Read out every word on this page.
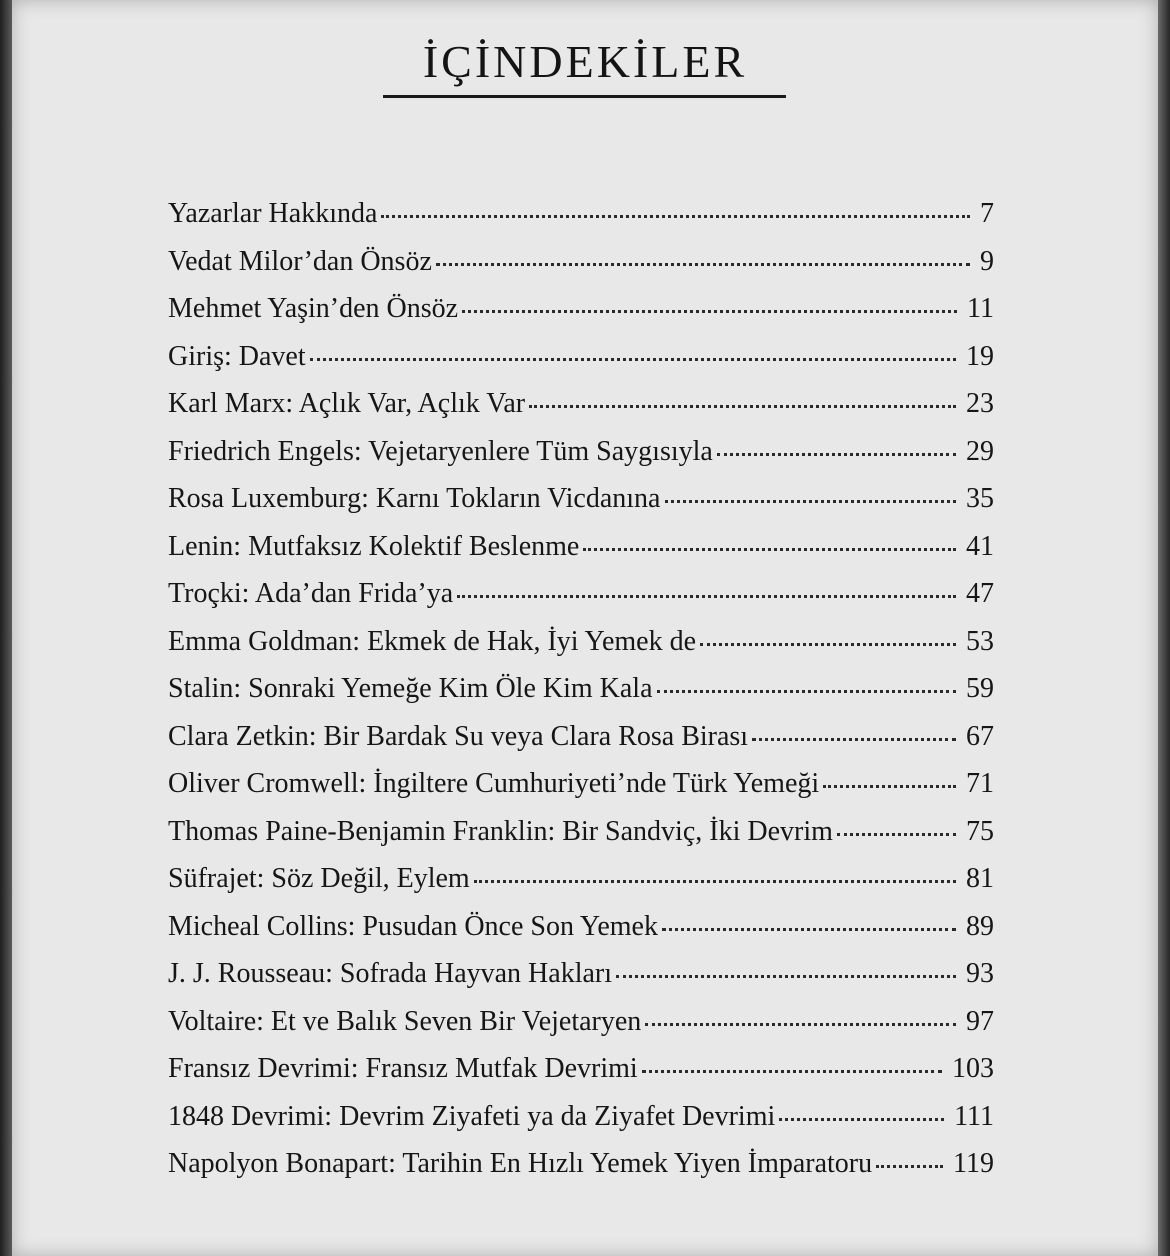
İÇİNDEKİLER
Yazarlar Hakkında	7
Vedat Milor’dan Önsöz	9
Mehmet Yaşin’den Önsöz	11
Giriş: Davet	19
Karl Marx: Açlık Var, Açlık Var	23
Friedrich Engels: Vejetaryenlere Tüm Saygısıyla	29
Rosa Luxemburg: Karnı Tokların Vicdanına	35
Lenin: Mutfaksız Kolektif Beslenme	41
Troçki: Ada’dan Frida’ya	47
Emma Goldman: Ekmek de Hak, İyi Yemek de	53
Stalin: Sonraki Yemeğe Kim Öle Kim Kala	59
Clara Zetkin: Bir Bardak Su veya Clara Rosa Birası	67
Oliver Cromwell: İngiltere Cumhuriyeti’nde Türk Yemeği	71
Thomas Paine-Benjamin Franklin: Bir Sandviç, İki Devrim	75
Süfrajet: Söz Değil, Eylem	81
Micheal Collins: Pusudan Önce Son Yemek	89
J. J. Rousseau: Sofrada Hayvan Hakları	93
Voltaire: Et ve Balık Seven Bir Vejetaryen	97
Fransız Devrimi: Fransız Mutfak Devrimi	103
1848 Devrimi: Devrim Ziyafeti ya da Ziyafet Devrimi	111
Napolyon Bonapart: Tarihin En Hızlı Yemek Yiyen İmparatoru	119
